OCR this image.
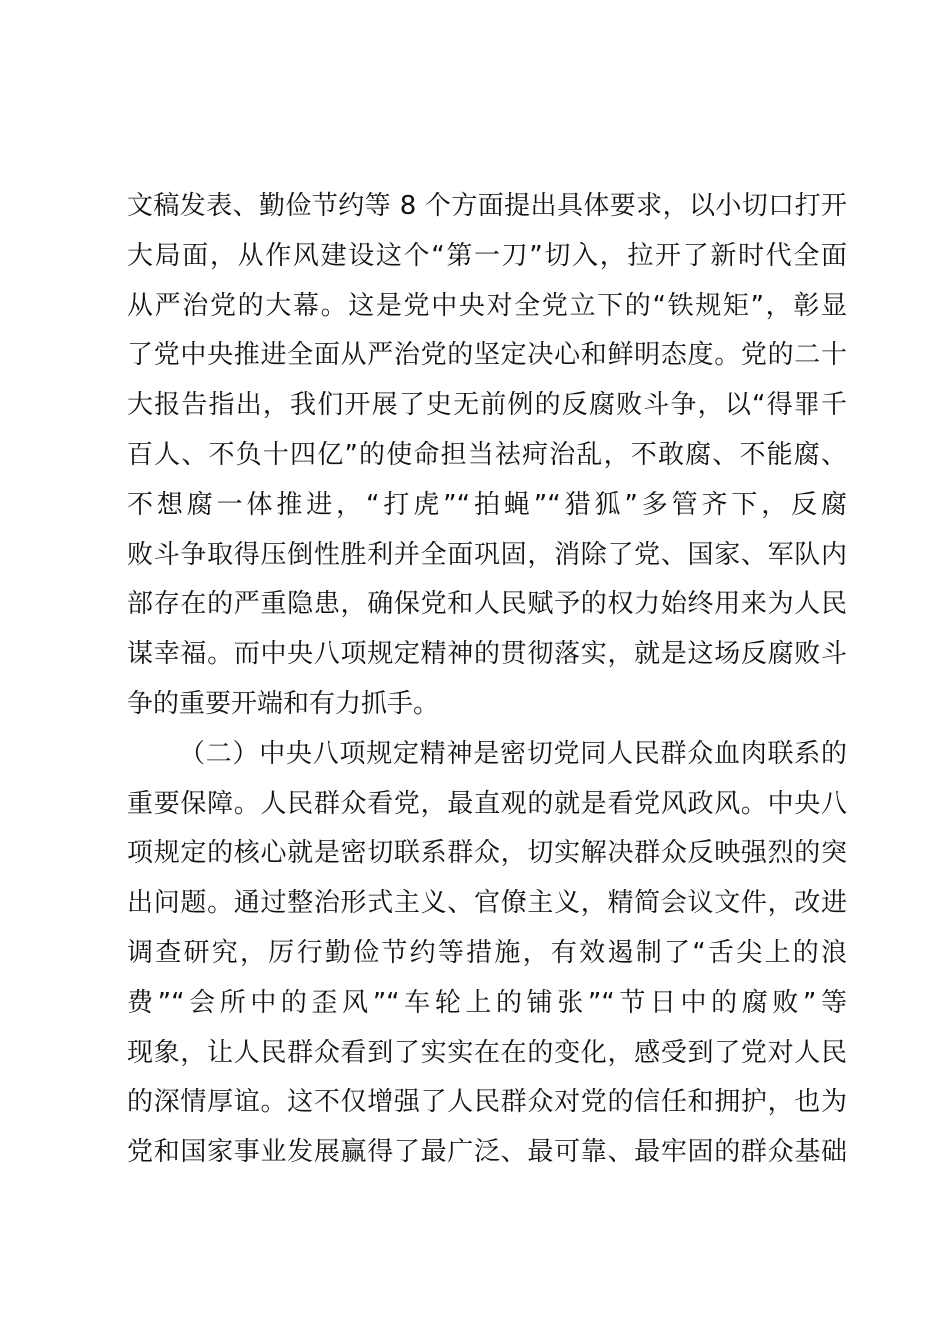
文稿发表、勤俭节约等 8 个方面提出具体要求，以小切口打开
大局面，从作风建设这个“第一刀”切入，拉开了新时代全面
从严治党的大幕。这是党中央对全党立下的“铁规矩”，彰显
了党中央推进全面从严治党的坚定决心和鲜明态度。党的二十
大报告指出，我们开展了史无前例的反腐败斗争，以“得罪千
百人、不负十四亿”的使命担当祛疴治乱，不敢腐、不能腐、
不想腐一体推进，“打虎”“拍蝇”“猎狐”多管齐下，反腐
败斗争取得压倒性胜利并全面巩固，消除了党、国家、军队内
部存在的严重隐患，确保党和人民赋予的权力始终用来为人民
谋幸福。而中央八项规定精神的贯彻落实，就是这场反腐败斗
争的重要开端和有力抓手。
（二）中央八项规定精神是密切党同人民群众血肉联系的
重要保障。人民群众看党，最直观的就是看党风政风。中央八
项规定的核心就是密切联系群众，切实解决群众反映强烈的突
出问题。通过整治形式主义、官僚主义，精简会议文件，改进
调查研究，厉行勤俭节约等措施，有效遏制了“舌尖上的浪
费”“会所中的歪风”“车轮上的铺张”“节日中的腐败”等
现象，让人民群众看到了实实在在的变化，感受到了党对人民
的深情厚谊。这不仅增强了人民群众对党的信任和拥护，也为
党和国家事业发展赢得了最广泛、最可靠、最牢固的群众基础
